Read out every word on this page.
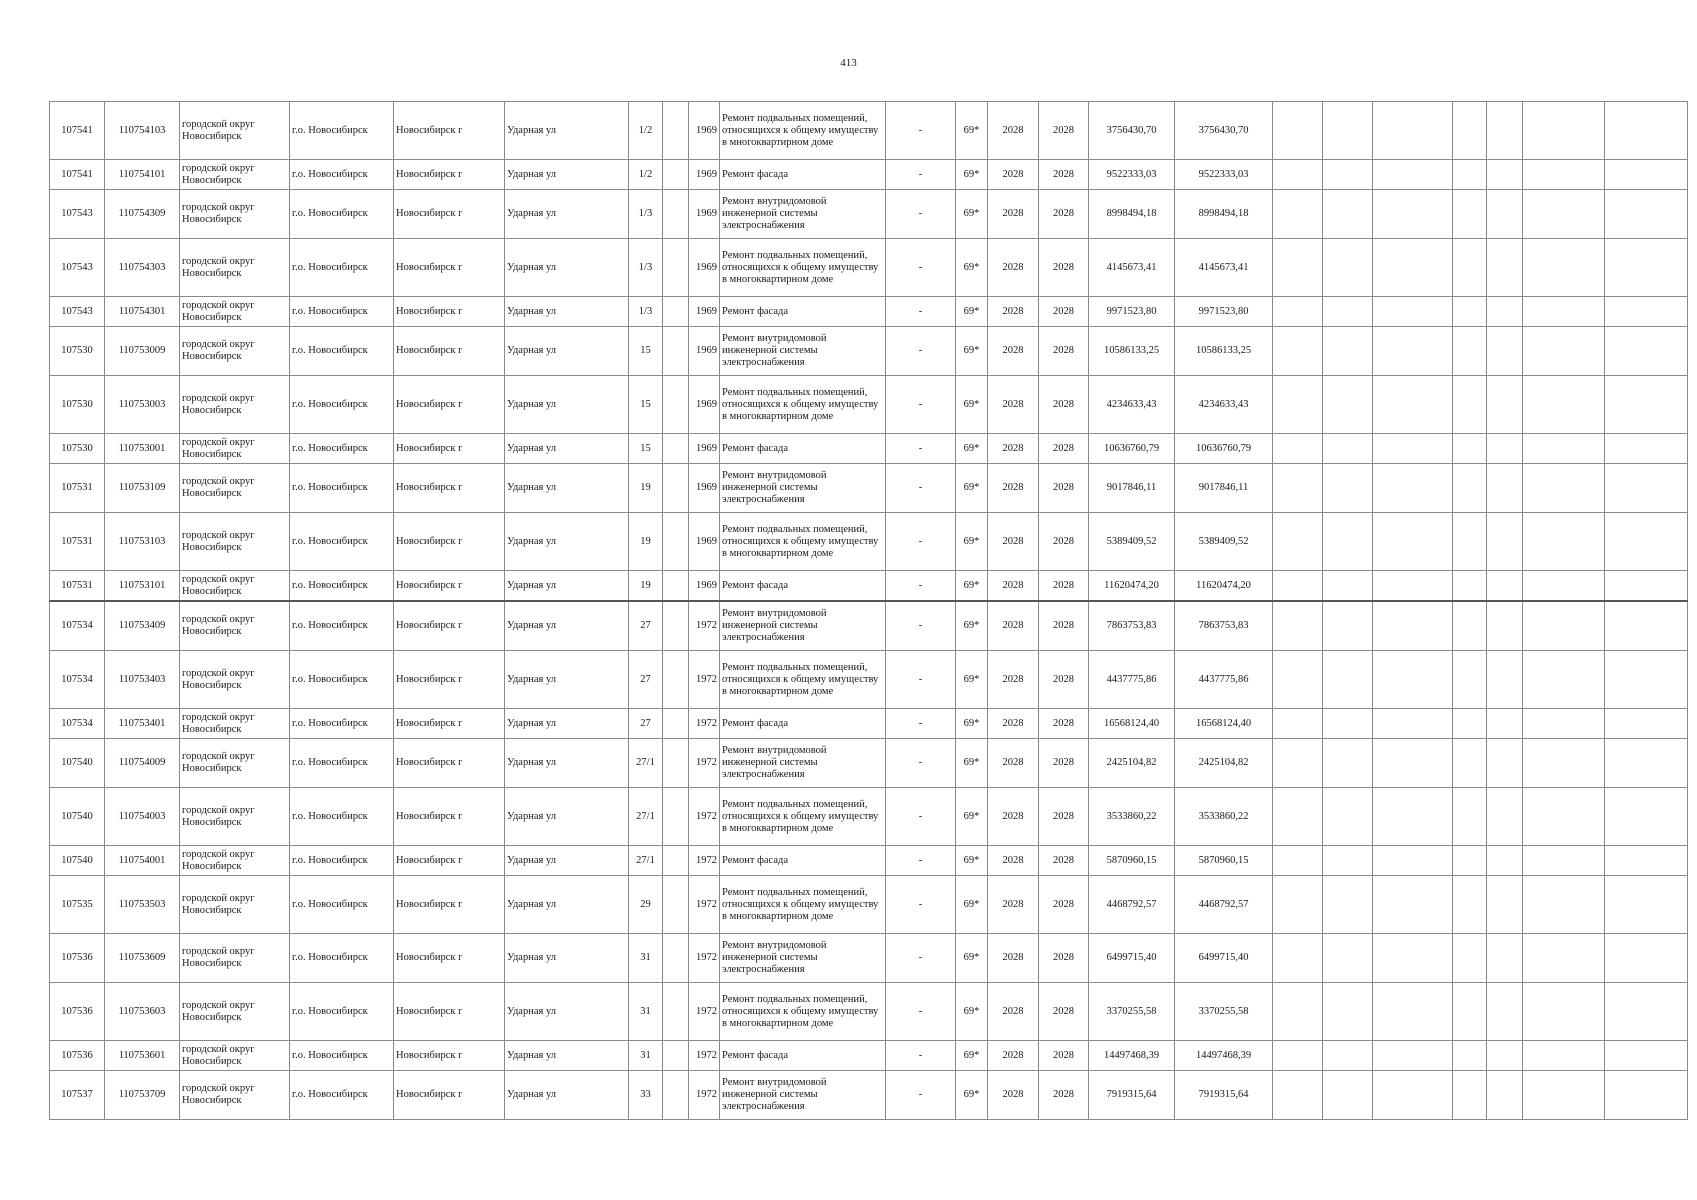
413
107541	110754103	городской округ Новосибирск	г.о. Новосибирск	Новосибирск г	Ударная ул	1/2		1969	Ремонт подвальных помещений, относящихся к общему имуществу в многоквартирном доме	-	69*	2028	2028	3756430,70	3756430,70							
107541	110754101	городской округ Новосибирск	г.о. Новосибирск	Новосибирск г	Ударная ул	1/2		1969	Ремонт фасада	-	69*	2028	2028	9522333,03	9522333,03							
107543	110754309	городской округ Новосибирск	г.о. Новосибирск	Новосибирск г	Ударная ул	1/3		1969	Ремонт внутридомовой инженерной системы электроснабжения	-	69*	2028	2028	8998494,18	8998494,18							
107543	110754303	городской округ Новосибирск	г.о. Новосибирск	Новосибирск г	Ударная ул	1/3		1969	Ремонт подвальных помещений, относящихся к общему имуществу в многоквартирном доме	-	69*	2028	2028	4145673,41	4145673,41							
107543	110754301	городской округ Новосибирск	г.о. Новосибирск	Новосибирск г	Ударная ул	1/3		1969	Ремонт фасада	-	69*	2028	2028	9971523,80	9971523,80							
107530	110753009	городской округ Новосибирск	г.о. Новосибирск	Новосибирск г	Ударная ул	15		1969	Ремонт внутридомовой инженерной системы электроснабжения	-	69*	2028	2028	10586133,25	10586133,25							
107530	110753003	городской округ Новосибирск	г.о. Новосибирск	Новосибирск г	Ударная ул	15		1969	Ремонт подвальных помещений, относящихся к общему имуществу в многоквартирном доме	-	69*	2028	2028	4234633,43	4234633,43							
107530	110753001	городской округ Новосибирск	г.о. Новосибирск	Новосибирск г	Ударная ул	15		1969	Ремонт фасада	-	69*	2028	2028	10636760,79	10636760,79							
107531	110753109	городской округ Новосибирск	г.о. Новосибирск	Новосибирск г	Ударная ул	19		1969	Ремонт внутридомовой инженерной системы электроснабжения	-	69*	2028	2028	9017846,11	9017846,11							
107531	110753103	городской округ Новосибирск	г.о. Новосибирск	Новосибирск г	Ударная ул	19		1969	Ремонт подвальных помещений, относящихся к общему имуществу в многоквартирном доме	-	69*	2028	2028	5389409,52	5389409,52							
107531	110753101	городской округ Новосибирск	г.о. Новосибирск	Новосибирск г	Ударная ул	19		1969	Ремонт фасада	-	69*	2028	2028	11620474,20	11620474,20							
107534	110753409	городской округ Новосибирск	г.о. Новосибирск	Новосибирск г	Ударная ул	27		1972	Ремонт внутридомовой инженерной системы электроснабжения	-	69*	2028	2028	7863753,83	7863753,83							
107534	110753403	городской округ Новосибирск	г.о. Новосибирск	Новосибирск г	Ударная ул	27		1972	Ремонт подвальных помещений, относящихся к общему имуществу в многоквартирном доме	-	69*	2028	2028	4437775,86	4437775,86							
107534	110753401	городской округ Новосибирск	г.о. Новосибирск	Новосибирск г	Ударная ул	27		1972	Ремонт фасада	-	69*	2028	2028	16568124,40	16568124,40							
107540	110754009	городской округ Новосибирск	г.о. Новосибирск	Новосибирск г	Ударная ул	27/1		1972	Ремонт внутридомовой инженерной системы электроснабжения	-	69*	2028	2028	2425104,82	2425104,82							
107540	110754003	городской округ Новосибирск	г.о. Новосибирск	Новосибирск г	Ударная ул	27/1		1972	Ремонт подвальных помещений, относящихся к общему имуществу в многоквартирном доме	-	69*	2028	2028	3533860,22	3533860,22							
107540	110754001	городской округ Новосибирск	г.о. Новосибирск	Новосибирск г	Ударная ул	27/1		1972	Ремонт фасада	-	69*	2028	2028	5870960,15	5870960,15							
107535	110753503	городской округ Новосибирск	г.о. Новосибирск	Новосибирск г	Ударная ул	29		1972	Ремонт подвальных помещений, относящихся к общему имуществу в многоквартирном доме	-	69*	2028	2028	4468792,57	4468792,57							
107536	110753609	городской округ Новосибирск	г.о. Новосибирск	Новосибирск г	Ударная ул	31		1972	Ремонт внутридомовой инженерной системы электроснабжения	-	69*	2028	2028	6499715,40	6499715,40							
107536	110753603	городской округ Новосибирск	г.о. Новосибирск	Новосибирск г	Ударная ул	31		1972	Ремонт подвальных помещений, относящихся к общему имуществу в многоквартирном доме	-	69*	2028	2028	3370255,58	3370255,58							
107536	110753601	городской округ Новосибирск	г.о. Новосибирск	Новосибирск г	Ударная ул	31		1972	Ремонт фасада	-	69*	2028	2028	14497468,39	14497468,39							
107537	110753709	городской округ Новосибирск	г.о. Новосибирск	Новосибирск г	Ударная ул	33		1972	Ремонт внутридомовой инженерной системы электроснабжения	-	69*	2028	2028	7919315,64	7919315,64							
